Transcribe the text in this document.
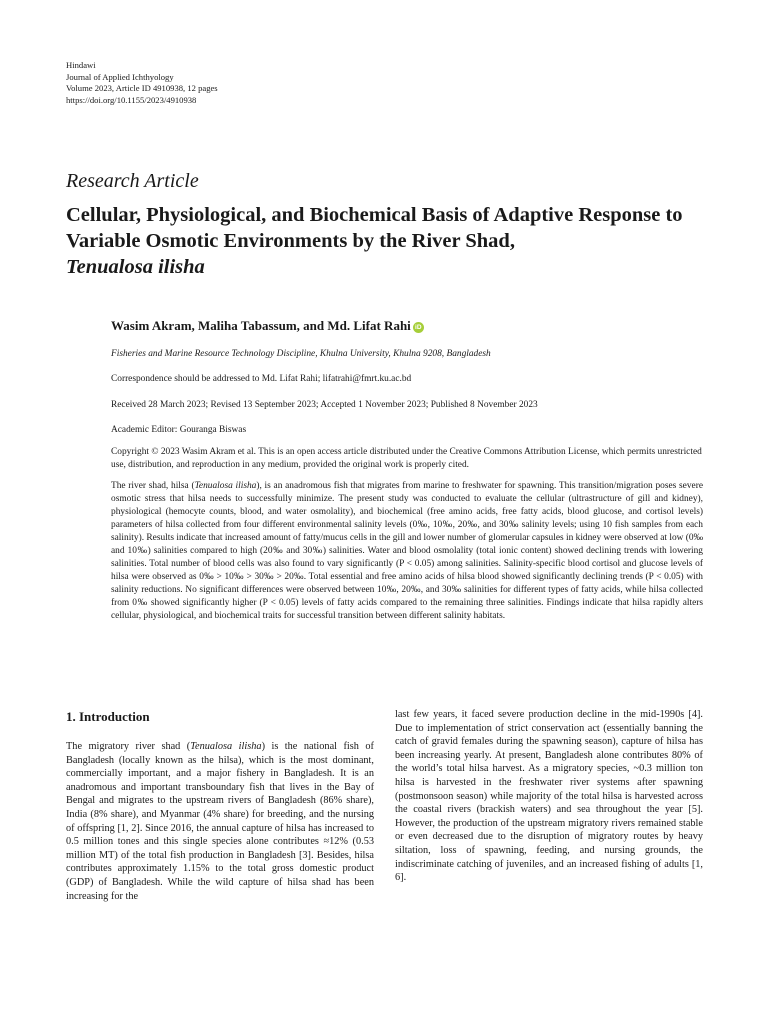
Hindawi
Journal of Applied Ichthyology
Volume 2023, Article ID 4910938, 12 pages
https://doi.org/10.1155/2023/4910938
Research Article
Cellular, Physiological, and Biochemical Basis of Adaptive Response to Variable Osmotic Environments by the River Shad,
Tenualosa ilisha
Wasim Akram, Maliha Tabassum, and Md. Lifat Rahi iD
Fisheries and Marine Resource Technology Discipline, Khulna University, Khulna 9208, Bangladesh
Correspondence should be addressed to Md. Lifat Rahi; lifatrahi@fmrt.ku.ac.bd
Received 28 March 2023; Revised 13 September 2023; Accepted 1 November 2023; Published 8 November 2023
Academic Editor: Gouranga Biswas
Copyright © 2023 Wasim Akram et al. This is an open access article distributed under the Creative Commons Attribution License, which permits unrestricted use, distribution, and reproduction in any medium, provided the original work is properly cited.
The river shad, hilsa (Tenualosa ilisha), is an anadromous fish that migrates from marine to freshwater for spawning. This transition/migration poses severe osmotic stress that hilsa needs to successfully minimize. The present study was conducted to evaluate the cellular (ultrastructure of gill and kidney), physiological (hemocyte counts, blood, and water osmolality), and biochemical (free amino acids, free fatty acids, blood glucose, and cortisol levels) parameters of hilsa collected from four different environmental salinity levels (0‰, 10‰, 20‰, and 30‰ salinity levels; using 10 fish samples from each salinity). Results indicate that increased amount of fatty/mucus cells in the gill and lower number of glomerular capsules in kidney were observed at low (0‰ and 10‰) salinities compared to high (20‰ and 30‰) salinities. Water and blood osmolality (total ionic content) showed declining trends with lowering salinities. Total number of blood cells was also found to vary significantly (P < 0.05) among salinities. Salinity-specific blood cortisol and glucose levels of hilsa were observed as 0‰ > 10‰ > 30‰ > 20‰. Total essential and free amino acids of hilsa blood showed significantly declining trends (P < 0.05) with salinity reductions. No significant differences were observed between 10‰, 20‰, and 30‰ salinities for different types of fatty acids, while hilsa collected from 0‰ showed significantly higher (P < 0.05) levels of fatty acids compared to the remaining three salinities. Findings indicate that hilsa rapidly alters cellular, physiological, and biochemical traits for successful transition between different salinity habitats.
1. Introduction

The migratory river shad (Tenualosa ilisha) is the national fish of Bangladesh (locally known as the hilsa), which is the most dominant, commercially important, and a major fishery in Bangladesh. It is an anadromous and important transboundary fish that lives in the Bay of Bengal and migrates to the upstream rivers of Bangladesh (86% share), India (8% share), and Myanmar (4% share) for breeding, and the nursing of offspring [1, 2]. Since 2016, the annual capture of hilsa has increased to 0.5 million tones and this single species alone contributes ≈12% (0.53 million MT) of the total fish production in Bangladesh [3]. Besides, hilsa contributes approximately 1.15% to the total gross domestic product (GDP) of Bangladesh. While the wild capture of hilsa shad has been increasing for the

last few years, it faced severe production decline in the mid-1990s [4]. Due to implementation of strict conservation act (essentially banning the catch of gravid females during the spawning season), capture of hilsa has been increasing yearly. At present, Bangladesh alone contributes 80% of the world’s total hilsa harvest. As a migratory species, ~0.3 million ton hilsa is harvested in the freshwater river systems after spawning (postmonsoon season) while majority of the total hilsa is harvested across the coastal rivers (brackish waters) and sea throughout the year [5]. However, the production of the upstream migratory rivers remained stable or even decreased due to the disruption of migratory routes by heavy siltation, loss of spawning, feeding, and nursing grounds, the indiscriminate catching of juveniles, and an increased fishing of adults [1, 6].
